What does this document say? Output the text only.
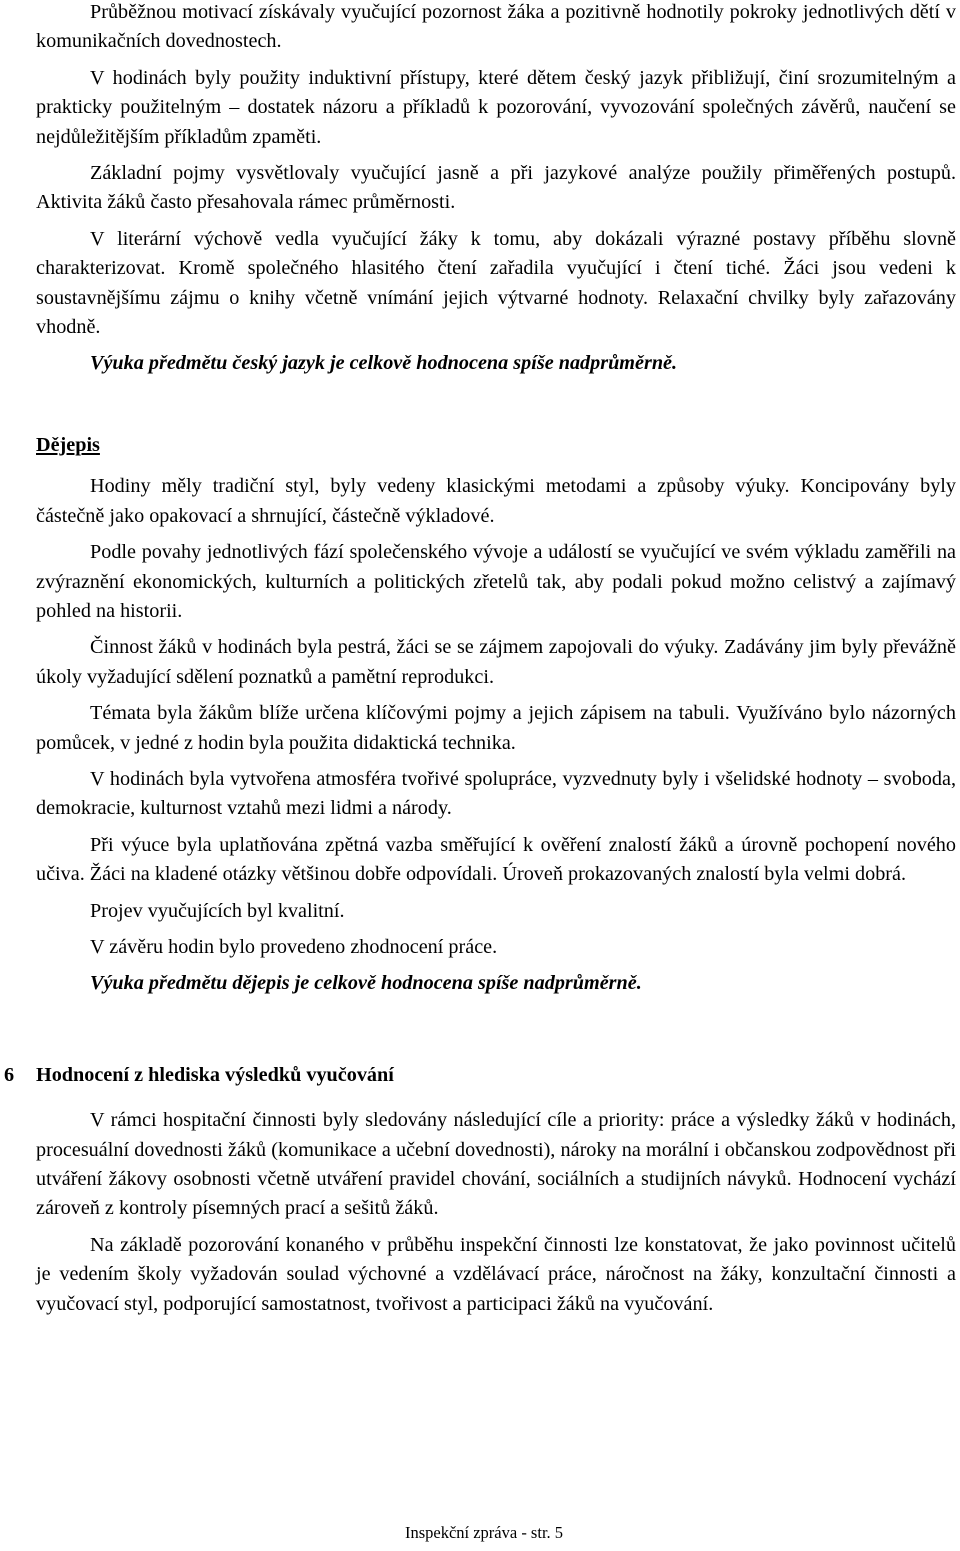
Průběžnou motivací získávaly vyučující pozornost žáka a pozitivně hodnotily pokroky jednotlivých dětí v komunikačních dovednostech.

V hodinách byly použity induktivní přístupy, které dětem český jazyk přibližují, činí srozumitelným a prakticky použitelným – dostatek názoru a příkladů k pozorování, vyvozování společných závěrů, naučení se nejdůležitějším příkladům zpaměti.

Základní pojmy vysvětlovaly vyučující jasně a při jazykové analýze použily přiměřených postupů. Aktivita žáků často přesahovala rámec průměrnosti.

V literární výchově vedla vyučující žáky k tomu, aby dokázali výrazné postavy příběhu slovně charakterizovat. Kromě společného hlasitého čtení zařadila vyučující i čtení tiché. Žáci jsou vedeni k soustavnějšímu zájmu o knihy včetně vnímání jejich výtvarné hodnoty. Relaxační chvilky byly zařazovány vhodně.

Výuka předmětu český jazyk je celkově hodnocena spíše nadprůměrně.

Dějepis

Hodiny měly tradiční styl, byly vedeny klasickými metodami a způsoby výuky. Koncipovány byly částečně jako opakovací a shrnující, částečně výkladové.

Podle povahy jednotlivých fází společenského vývoje a událostí se vyučující ve svém výkladu zaměřili na zvýraznění ekonomických, kulturních a politických zřetelů tak, aby podali pokud možno celistvý a zajímavý pohled na historii.

Činnost žáků v hodinách byla pestrá, žáci se se zájmem zapojovali do výuky. Zadávány jim byly převážně úkoly vyžadující sdělení poznatků a pamětní reprodukci.

Témata byla žákům blíže určena klíčovými pojmy a jejich zápisem na tabuli. Využíváno bylo názorných pomůcek, v jedné z hodin byla použita didaktická technika.

V hodinách byla vytvořena atmosféra tvořivé spolupráce, vyzvednuty byly i všelidské hodnoty – svoboda, demokracie, kulturnost vztahů mezi lidmi a národy.

Při výuce byla uplatňována zpětná vazba směřující k ověření znalostí žáků a úrovně pochopení nového učiva. Žáci na kladené otázky většinou dobře odpovídali. Úroveň prokazovaných znalostí byla velmi dobrá.

Projev vyučujících byl kvalitní.

V závěru hodin bylo provedeno zhodnocení práce.

Výuka předmětu dějepis je celkově hodnocena spíše nadprůměrně.

6 Hodnocení z hlediska výsledků vyučování

V rámci hospitační činnosti byly sledovány následující cíle a priority: práce a výsledky žáků v hodinách, procesuální dovednosti žáků (komunikace a učební dovednosti), nároky na morální i občanskou zodpovědnost při utváření žákovy osobnosti včetně utváření pravidel chování, sociálních a studijních návyků. Hodnocení vychází zároveň z kontroly písemných prací a sešitů žáků.

Na základě pozorování konaného v průběhu inspekční činnosti lze konstatovat, že jako povinnost učitelů je vedením školy vyžadován soulad výchovné a vzdělávací práce, náročnost na žáky, konzultační činnosti a vyučovací styl, podporující samostatnost, tvořivost a participaci žáků na vyučování.

Inspekční zpráva - str. 5
